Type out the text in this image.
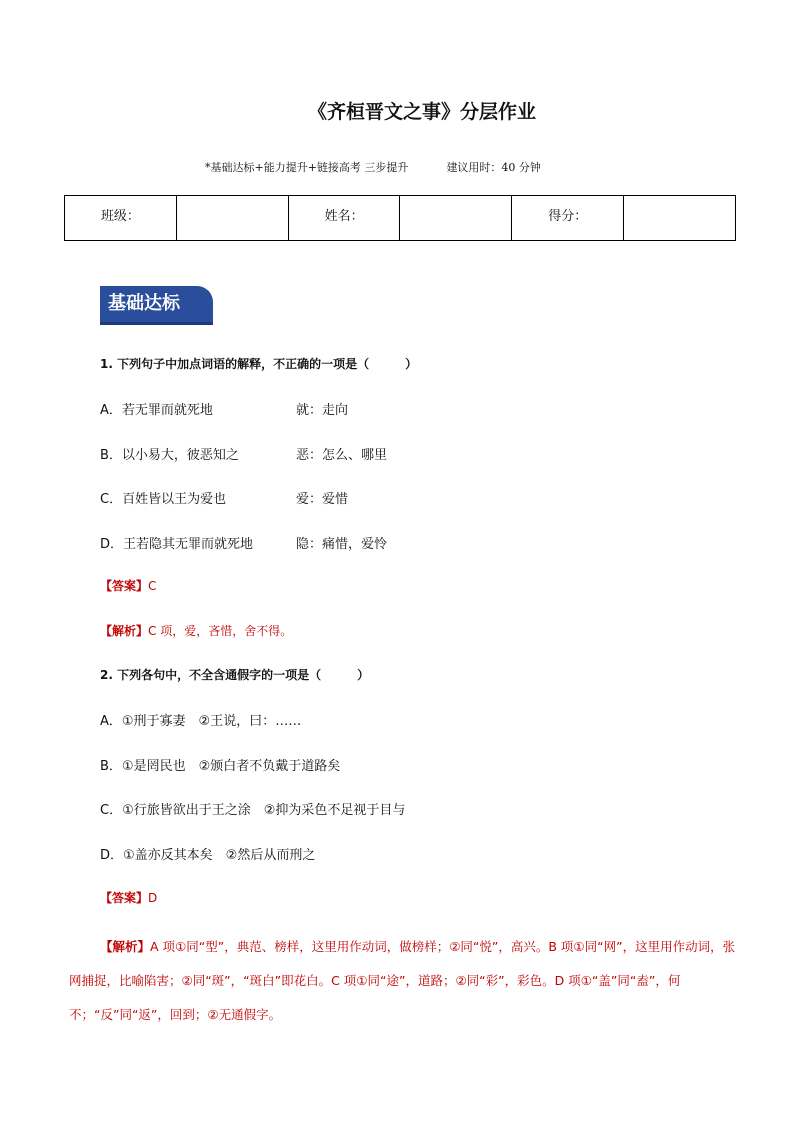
《齐桓晋文之事》分层作业
*基础达标+能力提升+链接高考 三步提升	建议用时：40 分钟
班级：		姓名：		得分：	
基础达标
1. 下列句子中加点词语的解释，不正确的一项是（　　　）
A．若无罪而就死地	就：走向
B．以小易大，彼恶知之	恶：怎么、哪里
C．百姓皆以王为爱也	爱：爱惜
D．王若隐其无罪而就死地	隐：痛惜，爱怜
【答案】C
【解析】C 项，爱，吝惜，舍不得。
2. 下列各句中，不全含通假字的一项是（　　　）
A．①刑于寡妻　②王说，曰：……
B．①是罔民也　②颁白者不负戴于道路矣
C．①行旅皆欲出于王之涂　②抑为采色不足视于目与
D．①盖亦反其本矣　②然后从而刑之
【答案】D
【解析】A 项①同“型”，典范、榜样，这里用作动词，做榜样；②同“悦”，高兴。B 项①同“网”，这里用作动词，张网捕捉，比喻陷害；②同“斑”，“斑白”即花白。C 项①同“途”，道路；②同“彩”，彩色。D 项①“盖”同“盍”，何不；“反”同“返”，回到；②无通假字。
